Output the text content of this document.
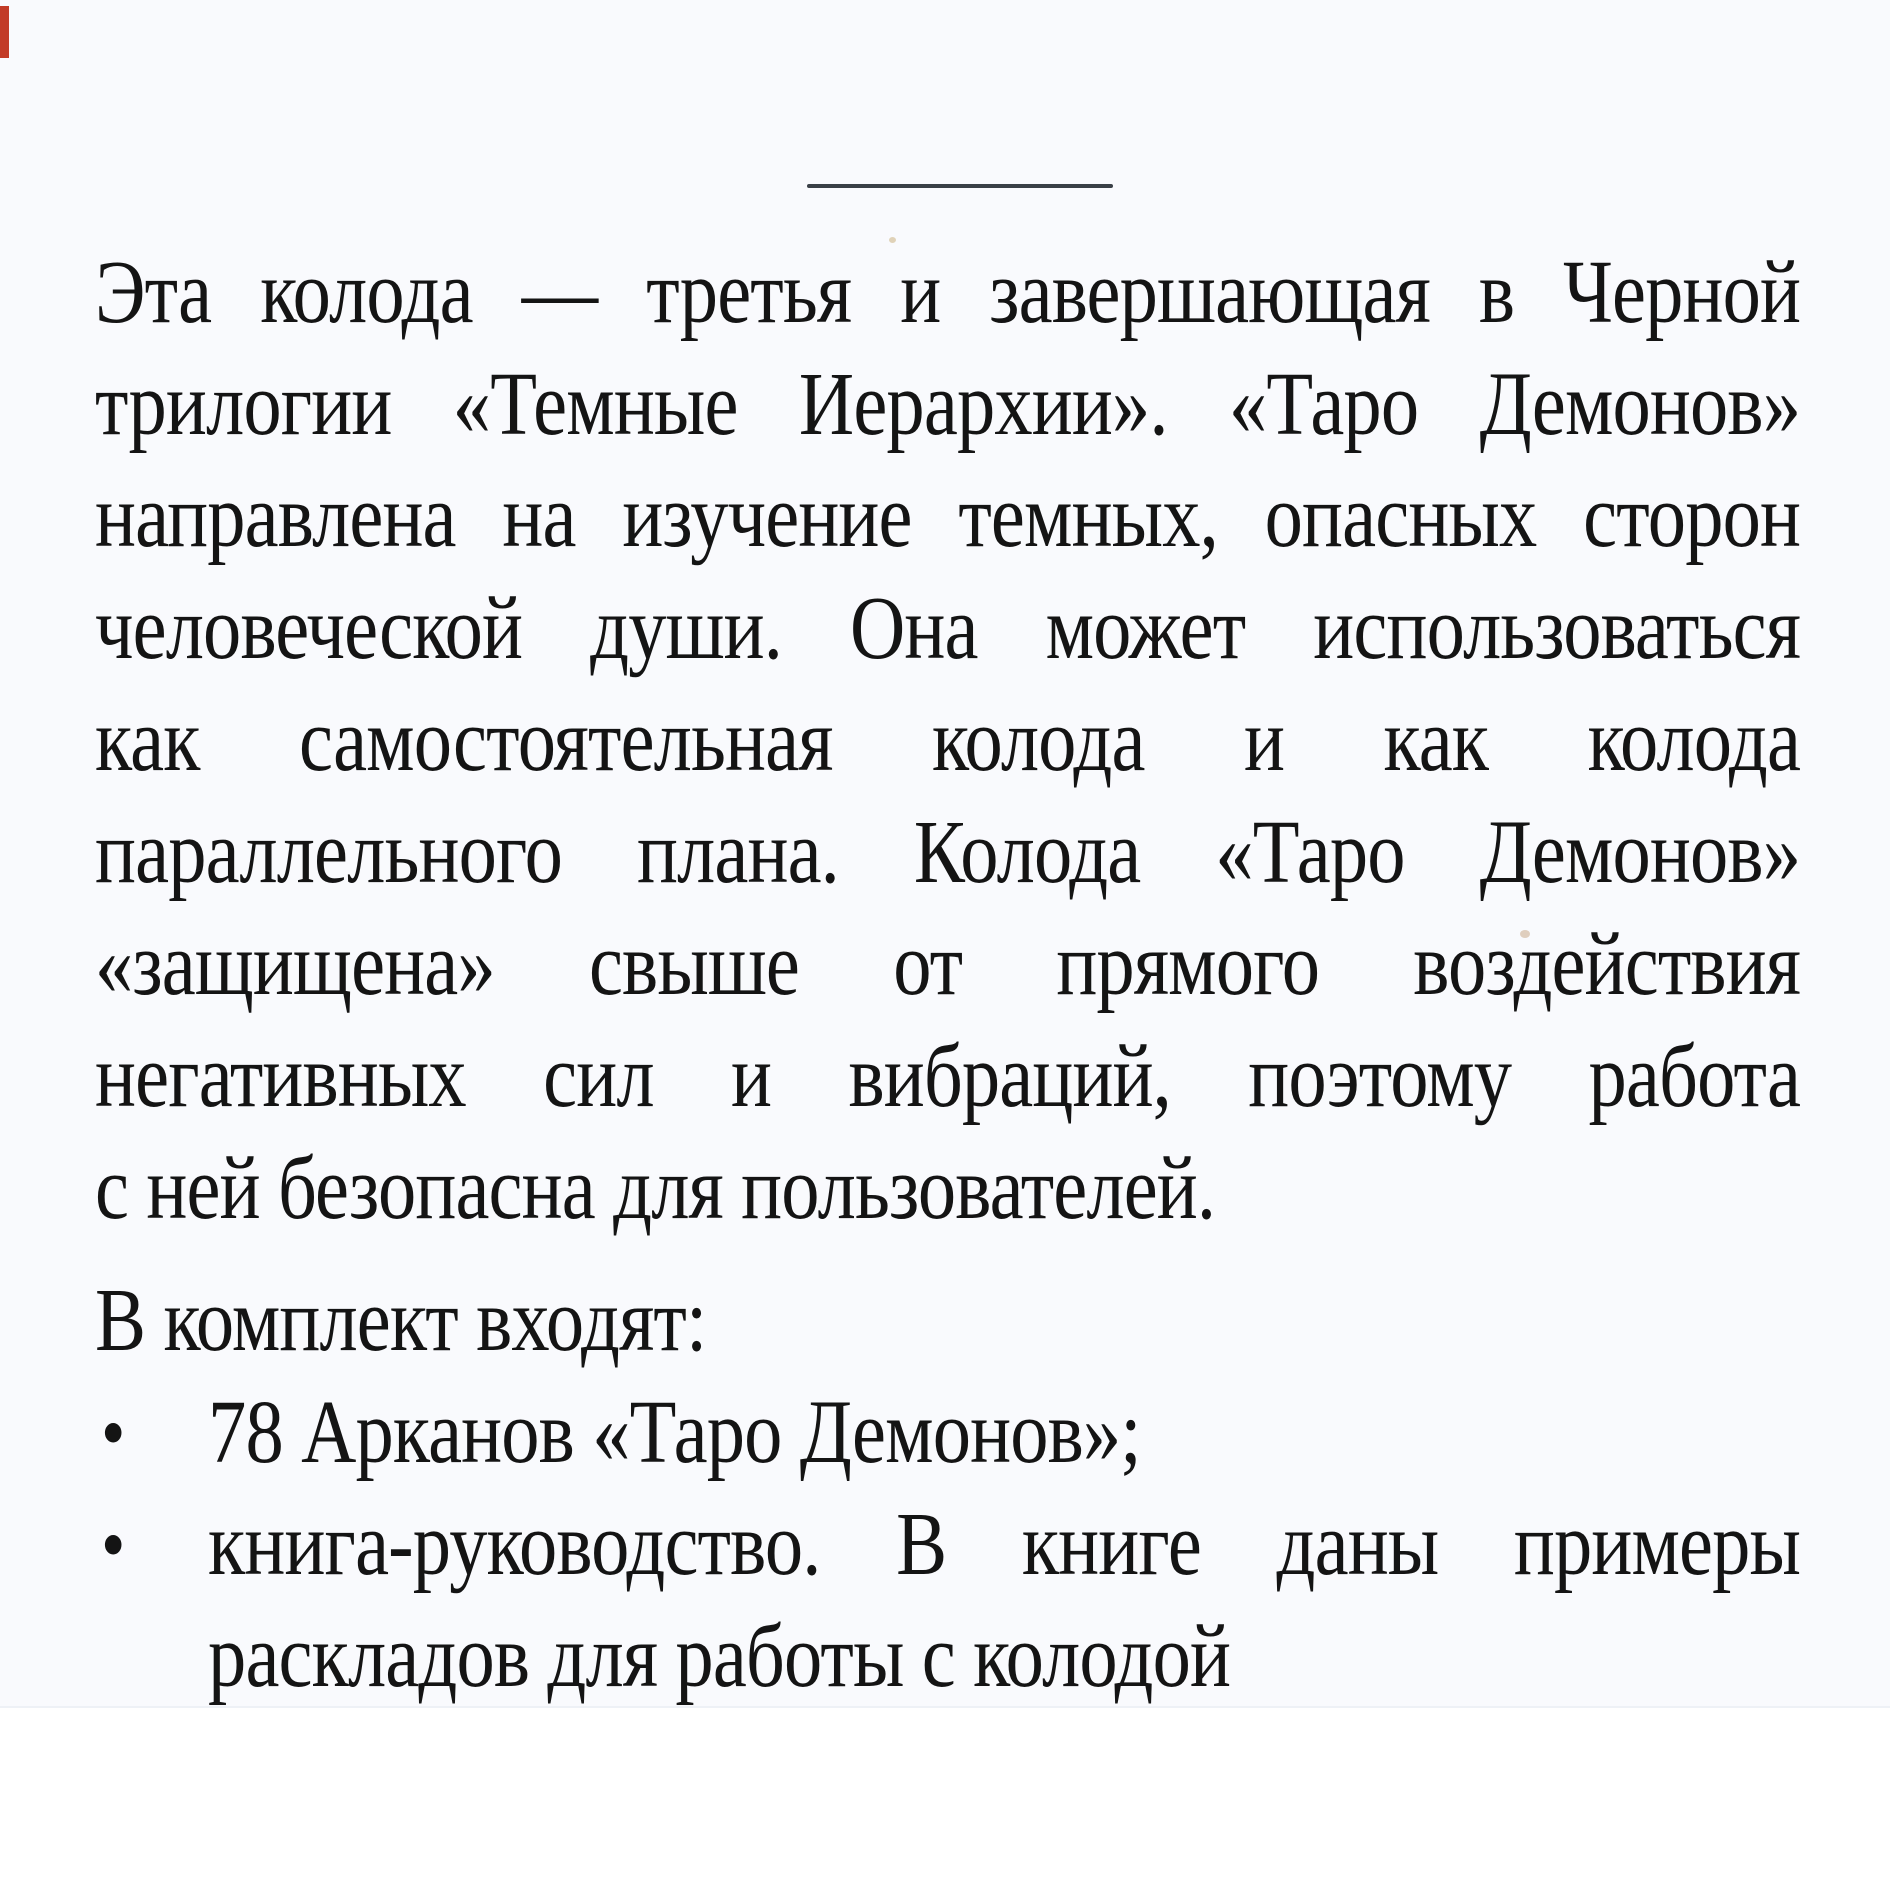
Эта колода — третья и завершающая в Черной
трилогии «Темные Иерархии». «Таро Демонов»
направлена на изучение темных, опасных сторон
человеческой души. Она может использоваться
как самостоятельная колода и как колода
параллельного плана. Колода «Таро Демонов»
«защищена» свыше от прямого воздействия
негативных сил и вибраций, поэтому работа
с ней безопасна для пользователей.
В комплект входят:
• 78 Арканов «Таро Демонов»;
• книга-руководство. В книге даны примеры
раскладов для работы с колодой
